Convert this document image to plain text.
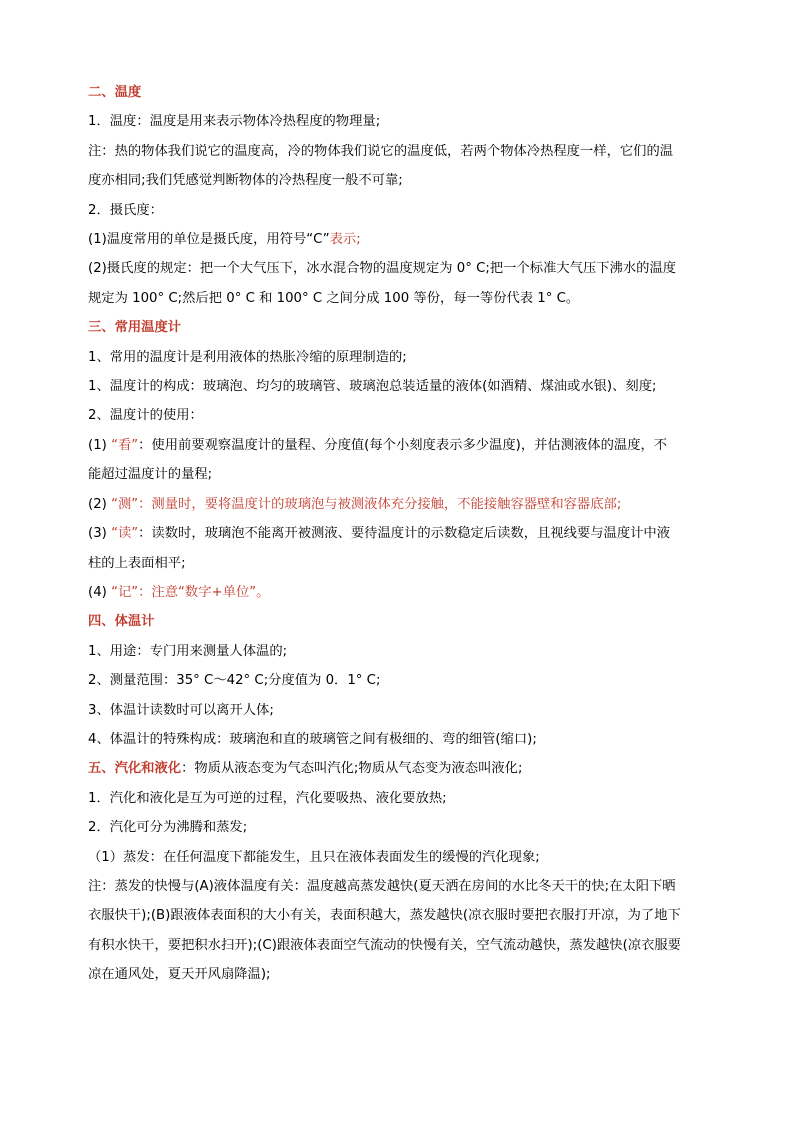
二、温度
1．温度：温度是用来表示物体冷热程度的物理量;
注：热的物体我们说它的温度高，冷的物体我们说它的温度低，若两个物体冷热程度一样，它们的温
度亦相同;我们凭感觉判断物体的冷热程度一般不可靠;
2．摄氏度：
(1)温度常用的单位是摄氏度，用符号“C”表示;
(2)摄氏度的规定：把一个大气压下，冰水混合物的温度规定为 0° C;把一个标准大气压下沸水的温度
规定为 100° C;然后把 0° C 和 100° C 之间分成 100 等份，每一等份代表 1° C。
三、常用温度计
1、常用的温度计是利用液体的热胀冷缩的原理制造的;
1、温度计的构成：玻璃泡、均匀的玻璃管、玻璃泡总装适量的液体(如酒精、煤油或水银)、刻度;
2、温度计的使用：
(1) “看”：使用前要观察温度计的量程、分度值(每个小刻度表示多少温度)，并估测液体的温度，不
能超过温度计的量程;
(2) “测”：测量时，要将温度计的玻璃泡与被测液体充分接触，不能接触容器壁和容器底部;
(3) “读”：读数时，玻璃泡不能离开被测液、要待温度计的示数稳定后读数，且视线要与温度计中液
柱的上表面相平;
(4) “记”：注意“数字+单位”。
四、体温计
1、用途：专门用来测量人体温的;
2、测量范围：35° C～42° C;分度值为 0．1° C;
3、体温计读数时可以离开人体;
4、体温计的特殊构成：玻璃泡和直的玻璃管之间有极细的、弯的细管(缩口);
五、汽化和液化：物质从液态变为气态叫汽化;物质从气态变为液态叫液化;
1．汽化和液化是互为可逆的过程，汽化要吸热、液化要放热;
2．汽化可分为沸腾和蒸发;
（1）蒸发：在任何温度下都能发生，且只在液体表面发生的缓慢的汽化现象;
注：蒸发的快慢与(A)液体温度有关：温度越高蒸发越快(夏天洒在房间的水比冬天干的快;在太阳下晒
衣服快干);(B)跟液体表面积的大小有关，表面积越大，蒸发越快(凉衣服时要把衣服打开凉，为了地下
有积水快干，要把积水扫开);(C)跟液体表面空气流动的快慢有关，空气流动越快，蒸发越快(凉衣服要
凉在通风处，夏天开风扇降温);
